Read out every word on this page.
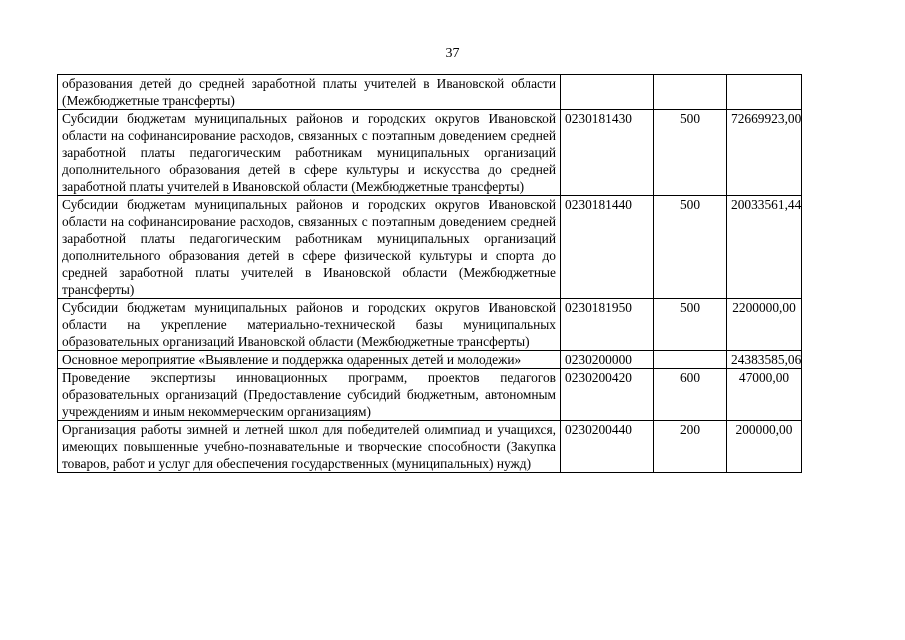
37
образования детей до средней заработной платы учителей в Ивановской области (Межбюджетные трансферты)			
Субсидии бюджетам муниципальных районов и городских округов Ивановской области на софинансирование расходов, связанных с поэтапным доведением средней заработной платы педагогическим работникам муниципальных организаций дополнительного образования детей в сфере культуры и искусства до средней заработной платы учителей в Ивановской области (Межбюджетные трансферты)	0230181430	500	72669923,00
Субсидии бюджетам муниципальных районов и городских округов Ивановской области на софинансирование расходов, связанных с поэтапным доведением средней заработной платы педагогическим работникам муниципальных организаций дополнительного образования детей в сфере физической культуры и спорта до средней заработной платы учителей в Ивановской области (Межбюджетные трансферты)	0230181440	500	20033561,44
Субсидии бюджетам муниципальных районов и городских округов Ивановской области на укрепление материально-технической базы муниципальных образовательных организаций Ивановской области (Межбюджетные трансферты)	0230181950	500	2200000,00
Основное мероприятие «Выявление и поддержка одаренных детей и молодежи»	0230200000		24383585,06
Проведение экспертизы инновационных программ, проектов педагогов образовательных организаций (Предоставление субсидий бюджетным, автономным учреждениям и иным некоммерческим организациям)	0230200420	600	47000,00
Организация работы зимней и летней школ для победителей олимпиад и учащихся, имеющих повышенные учебно-познавательные и творческие способности (Закупка товаров, работ и услуг для обеспечения государственных (муниципальных) нужд)	0230200440	200	200000,00
